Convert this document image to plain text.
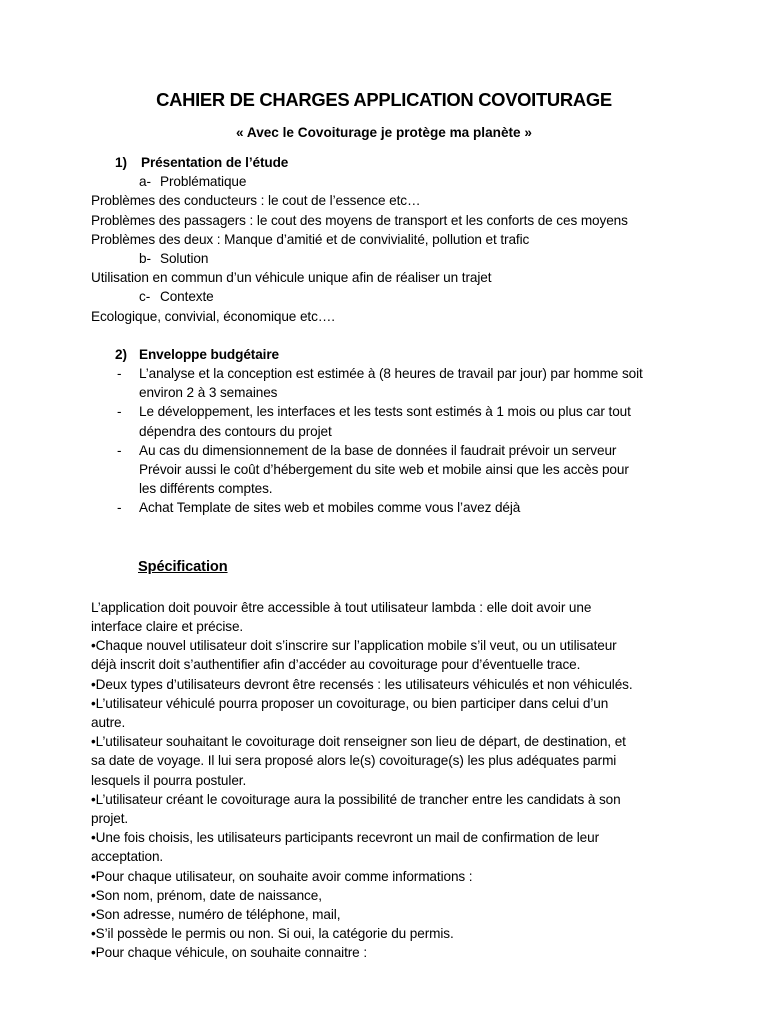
CAHIER DE CHARGES APPLICATION COVOITURAGE
« Avec le Covoiturage je protège ma planète »
1) Présentation de l’étude
a- Problématique
Problèmes des conducteurs : le cout de l’essence etc…
Problèmes des passagers : le cout des moyens de transport et les conforts de ces moyens
Problèmes des deux : Manque d’amitié et de convivialité, pollution et trafic
b- Solution
Utilisation en commun d’un véhicule unique afin de réaliser un trajet
c- Contexte
Ecologique, convivial, économique etc….
2) Enveloppe budgétaire
- L’analyse et la conception est estimée à (8 heures de travail par jour) par homme soit
environ 2 à 3 semaines
- Le développement, les interfaces et les tests sont estimés à 1 mois ou plus car tout
dépendra des contours du projet
- Au cas du dimensionnement de la base de données il faudrait prévoir un serveur
Prévoir aussi le coût d’hébergement du site web et mobile ainsi que les accès pour
les différents comptes.
- Achat Template de sites web et mobiles comme vous l’avez déjà
Spécification
L’application doit pouvoir être accessible à tout utilisateur lambda : elle doit avoir une
interface claire et précise.
•Chaque nouvel utilisateur doit s’inscrire sur l’application mobile s’il veut, ou un utilisateur
déjà inscrit doit s’authentifier afin d’accéder au covoiturage pour d’éventuelle trace.
•Deux types d’utilisateurs devront être recensés : les utilisateurs véhiculés et non véhiculés.
•L’utilisateur véhiculé pourra proposer un covoiturage, ou bien participer dans celui d’un
autre.
•L’utilisateur souhaitant le covoiturage doit renseigner son lieu de départ, de destination, et
sa date de voyage. Il lui sera proposé alors le(s) covoiturage(s) les plus adéquates parmi
lesquels il pourra postuler.
•L’utilisateur créant le covoiturage aura la possibilité de trancher entre les candidats à son
projet.
•Une fois choisis, les utilisateurs participants recevront un mail de confirmation de leur
acceptation.
•Pour chaque utilisateur, on souhaite avoir comme informations :
•Son nom, prénom, date de naissance,
•Son adresse, numéro de téléphone, mail,
•S’il possède le permis ou non. Si oui, la catégorie du permis.
•Pour chaque véhicule, on souhaite connaitre :
